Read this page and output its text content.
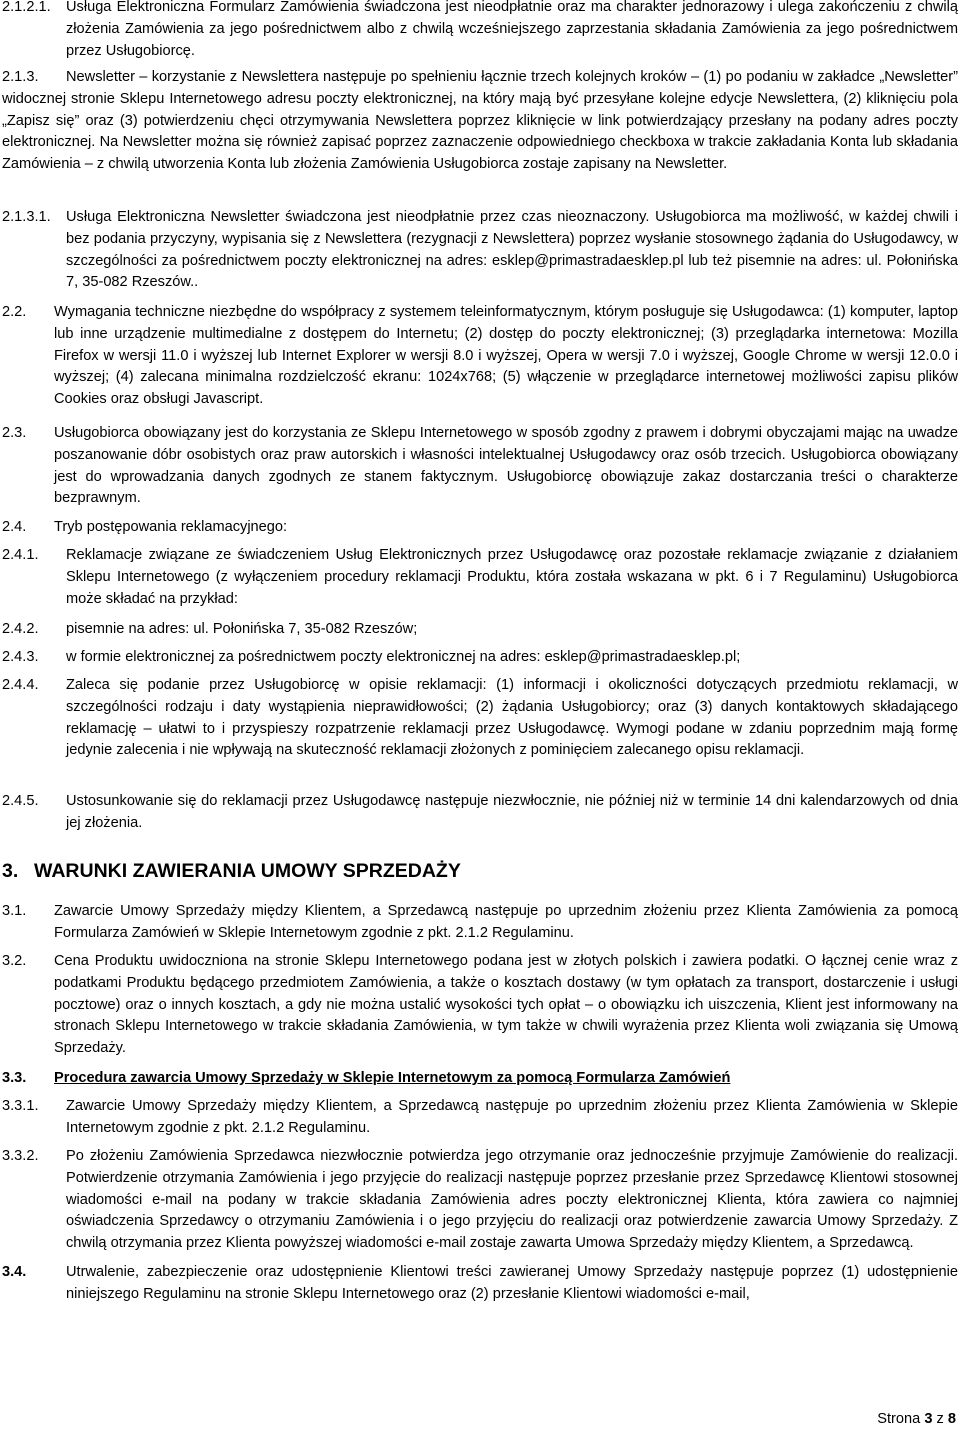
2.1.2.1. Usługa Elektroniczna Formularz Zamówienia świadczona jest nieodpłatnie oraz ma charakter jednorazowy i ulega zakończeniu z chwilą złożenia Zamówienia za jego pośrednictwem albo z chwilą wcześniejszego zaprzestania składania Zamówienia za jego pośrednictwem przez Usługobiorcę.
2.1.3.	Newsletter – korzystanie z Newslettera następuje po spełnieniu łącznie trzech kolejnych kroków – (1) po podaniu w zakładce „Newsletter” widocznej stronie Sklepu Internetowego adresu poczty elektronicznej, na który mają być przesyłane kolejne edycje Newslettera, (2) kliknięciu pola „Zapisz się” oraz (3) potwierdzeniu chęci otrzymywania Newslettera poprzez kliknięcie w link potwierdzający przesłany na podany adres poczty elektronicznej. Na Newsletter można się również zapisać poprzez zaznaczenie odpowiedniego checkboxa w trakcie zakładania Konta lub składania Zamówienia – z chwilą utworzenia Konta lub złożenia Zamówienia Usługobiorca zostaje zapisany na Newsletter.
2.1.3.1. Usługa Elektroniczna Newsletter świadczona jest nieodpłatnie przez czas nieoznaczony. Usługobiorca ma możliwość, w każdej chwili i bez podania przyczyny, wypisania się z Newslettera (rezygnacji z Newslettera) poprzez wysłanie stosownego żądania do Usługodawcy, w szczególności za pośrednictwem poczty elektronicznej na adres: esklep@primastradaesklep.pl lub też pisemnie na adres: ul. Połonińska 7, 35-082 Rzeszów..
2.2. Wymagania techniczne niezbędne do współpracy z systemem teleinformatycznym, którym posługuje się Usługodawca: (1) komputer, laptop lub inne urządzenie multimedialne z dostępem do Internetu; (2) dostęp do poczty elektronicznej; (3) przeglądarka internetowa: Mozilla Firefox w wersji 11.0 i wyższej lub Internet Explorer w wersji 8.0 i wyższej, Opera w wersji 7.0 i wyższej, Google Chrome w wersji 12.0.0 i wyższej; (4) zalecana minimalna rozdzielczość ekranu: 1024x768; (5) włączenie w przeglądarce internetowej możliwości zapisu plików Cookies oraz obsługi Javascript.
2.3. Usługobiorca obowiązany jest do korzystania ze Sklepu Internetowego w sposób zgodny z prawem i dobrymi obyczajami mając na uwadze poszanowanie dóbr osobistych oraz praw autorskich i własności intelektualnej Usługodawcy oraz osób trzecich. Usługobiorca obowiązany jest do wprowadzania danych zgodnych ze stanem faktycznym. Usługobiorcę obowiązuje zakaz dostarczania treści o charakterze bezprawnym.
2.4. Tryb postępowania reklamacyjnego:
2.4.1. Reklamacje związane ze świadczeniem Usług Elektronicznych przez Usługodawcę oraz pozostałe reklamacje związanie z działaniem Sklepu Internetowego (z wyłączeniem procedury reklamacji Produktu, która została wskazana w pkt. 6 i 7 Regulaminu) Usługobiorca może składać na przykład:
2.4.2. pisemnie na adres: ul. Połonińska 7, 35-082 Rzeszów;
2.4.3. w formie elektronicznej za pośrednictwem poczty elektronicznej na adres: esklep@primastradaesklep.pl;
2.4.4. Zaleca się podanie przez Usługobiorcę w opisie reklamacji: (1) informacji i okoliczności dotyczących przedmiotu reklamacji, w szczególności rodzaju i daty wystąpienia nieprawidłowości; (2) żądania Usługobiorcy; oraz (3) danych kontaktowych składającego reklamację – ułatwi to i przyspieszy rozpatrzenie reklamacji przez Usługodawcę. Wymogi podane w zdaniu poprzednim mają formę jedynie zalecenia i nie wpływają na skuteczność reklamacji złożonych z pominięciem zalecanego opisu reklamacji.
2.4.5. Ustosunkowanie się do reklamacji przez Usługodawcę następuje niezwłocznie, nie później niż w terminie 14 dni kalendarzowych od dnia jej złożenia.
3. WARUNKI ZAWIERANIA UMOWY SPRZEDAŻY
3.1. Zawarcie Umowy Sprzedaży między Klientem, a Sprzedawcą następuje po uprzednim złożeniu przez Klienta Zamówienia za pomocą Formularza Zamówień w Sklepie Internetowym zgodnie z pkt. 2.1.2 Regulaminu.
3.2. Cena Produktu uwidoczniona na stronie Sklepu Internetowego podana jest w złotych polskich i zawiera podatki. O łącznej cenie wraz z podatkami Produktu będącego przedmiotem Zamówienia, a także o kosztach dostawy (w tym opłatach za transport, dostarczenie i usługi pocztowe) oraz o innych kosztach, a gdy nie można ustalić wysokości tych opłat – o obowiązku ich uiszczenia, Klient jest informowany na stronach Sklepu Internetowego w trakcie składania Zamówienia, w tym także w chwili wyrażenia przez Klienta woli związania się Umową Sprzedaży.
3.3. Procedura zawarcia Umowy Sprzedaży w Sklepie Internetowym za pomocą Formularza Zamówień
3.3.1. Zawarcie Umowy Sprzedaży między Klientem, a Sprzedawcą następuje po uprzednim złożeniu przez Klienta Zamówienia w Sklepie Internetowym zgodnie z pkt. 2.1.2 Regulaminu.
3.3.2. Po złożeniu Zamówienia Sprzedawca niezwłocznie potwierdza jego otrzymanie oraz jednocześnie przyjmuje Zamówienie do realizacji. Potwierdzenie otrzymania Zamówienia i jego przyjęcie do realizacji następuje poprzez przesłanie przez Sprzedawcę Klientowi stosownej wiadomości e-mail na podany w trakcie składania Zamówienia adres poczty elektronicznej Klienta, która zawiera co najmniej oświadczenia Sprzedawcy o otrzymaniu Zamówienia i o jego przyjęciu do realizacji oraz potwierdzenie zawarcia Umowy Sprzedaży. Z chwilą otrzymania przez Klienta powyższej wiadomości e-mail zostaje zawarta Umowa Sprzedaży między Klientem, a Sprzedawcą.
3.4.	Utrwalenie, zabezpieczenie oraz udostępnienie Klientowi treści zawieranej Umowy Sprzedaży następuje poprzez (1) udostępnienie niniejszego Regulaminu na stronie Sklepu Internetowego oraz (2) przesłanie Klientowi wiadomości e-mail,
Strona 3 z 8
